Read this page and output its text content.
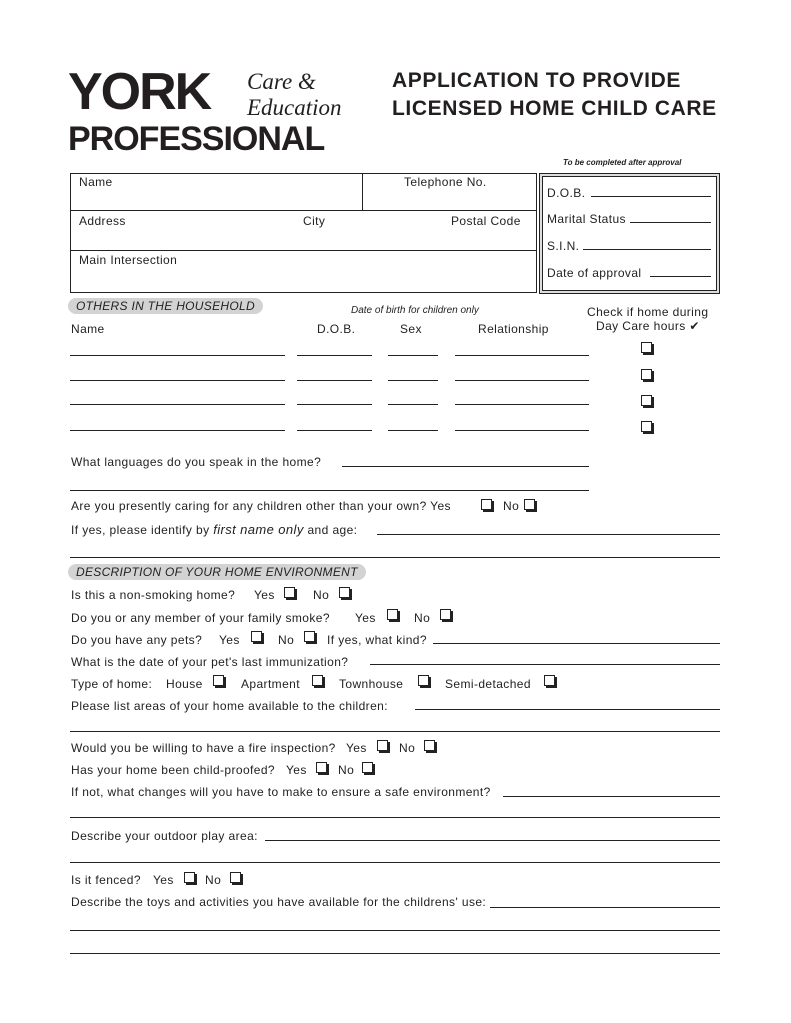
YORK Care &
Education
PROFESSIONAL
APPLICATION TO PROVIDE
LICENSED HOME CHILD CARE
To be completed after approval
Name	Telephone No.
Address	City	Postal Code
Main Intersection
D.O.B.
Marital Status
S.I.N.
Date of approval
OTHERS IN THE HOUSEHOLD	Date of birth for children only	Check if home during
Day Care hours ✔
Name	D.O.B.	Sex	Relationship
What languages do you speak in the home?
Are you presently caring for any children other than your own? Yes	No
If yes, please identify by first name only and age:
DESCRIPTION OF YOUR HOME ENVIRONMENT
Is this a non-smoking home? Yes	No
Do you or any member of your family smoke? Yes	No
Do you have any pets? Yes	No	If yes, what kind?
What is the date of your pet's last immunization?
Type of home: House	Apartment	Townhouse	Semi-detached
Please list areas of your home available to the children:
Would you be willing to have a fire inspection? Yes	No
Has your home been child-proofed? Yes	No
If not, what changes will you have to make to ensure a safe environment?
Describe your outdoor play area:
Is it fenced? Yes	No
Describe the toys and activities you have available for the childrens' use:
